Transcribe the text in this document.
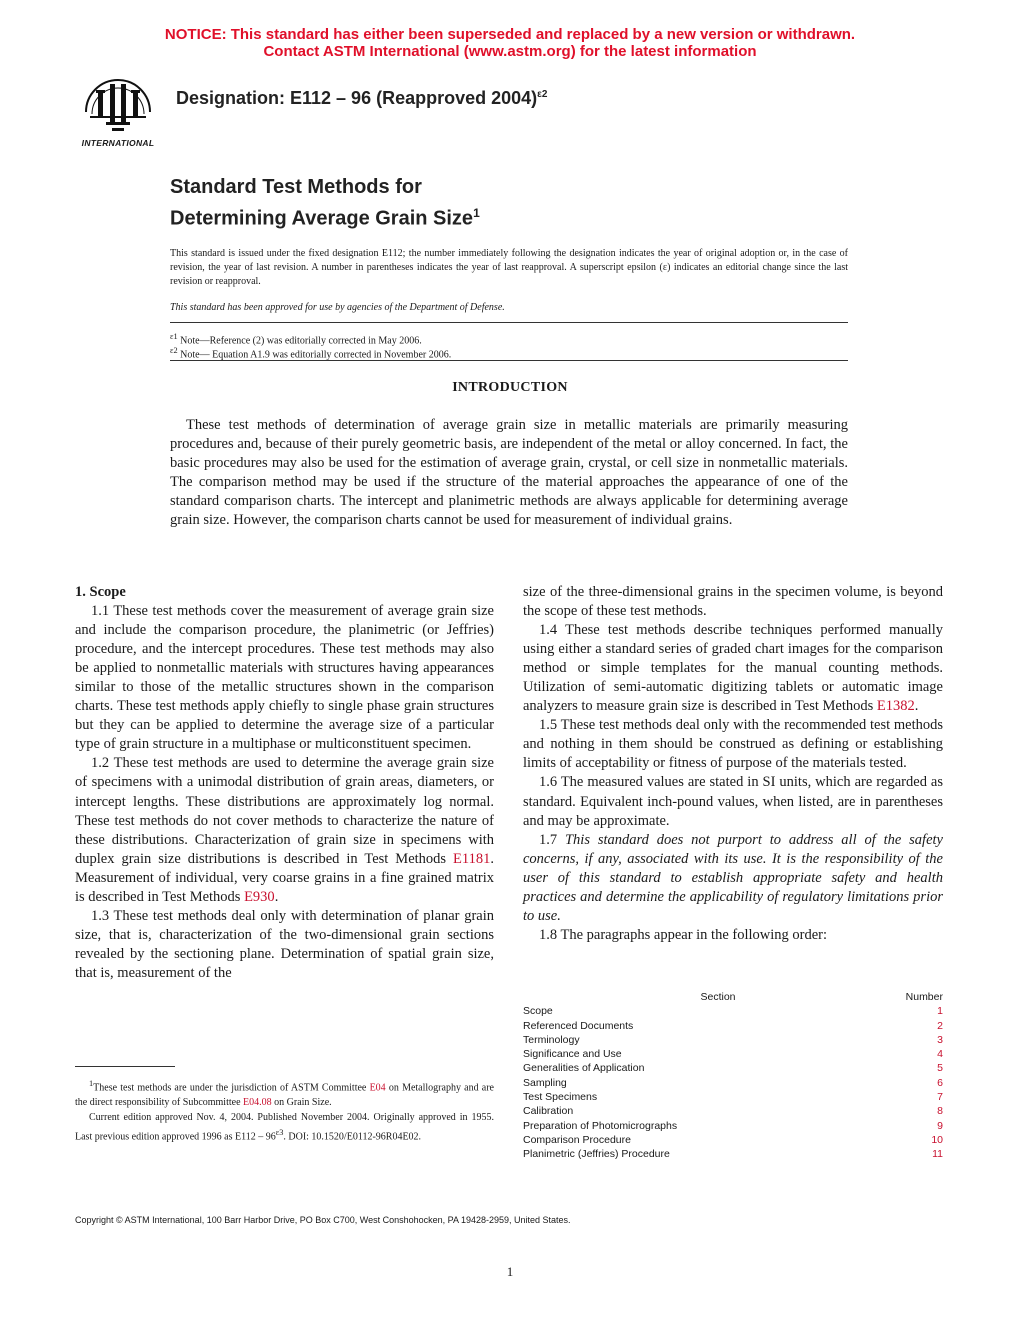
NOTICE: This standard has either been superseded and replaced by a new version or withdrawn.
Contact ASTM International (www.astm.org) for the latest information
INTERNATIONAL
Designation: E112 – 96 (Reapproved 2004)$^{\varepsilon 2}$
Standard Test Methods for
Determining Average Grain Size$^1$
This standard is issued under the fixed designation E112; the number immediately following the designation indicates the year of original adoption or, in the case of revision, the year of last revision. A number in parentheses indicates the year of last reapproval. A superscript epsilon (ε) indicates an editorial change since the last revision or reapproval.
This standard has been approved for use by agencies of the Department of Defense.
$^{\varepsilon 1}$ Note—Reference (2) was editorially corrected in May 2006.
$^{\varepsilon 2}$ Note— Equation A1.9 was editorially corrected in November 2006.
INTRODUCTION
These test methods of determination of average grain size in metallic materials are primarily measuring procedures and, because of their purely geometric basis, are independent of the metal or alloy concerned. In fact, the basic procedures may also be used for the estimation of average grain, crystal, or cell size in nonmetallic materials. The comparison method may be used if the structure of the material approaches the appearance of one of the standard comparison charts. The intercept and planimetric methods are always applicable for determining average grain size. However, the comparison charts cannot be used for measurement of individual grains.

1. Scope

1.1 These test methods cover the measurement of average grain size and include the comparison procedure, the planimetric (or Jeffries) procedure, and the intercept procedures. These test methods may also be applied to nonmetallic materials with structures having appearances similar to those of the metallic structures shown in the comparison charts. These test methods apply chiefly to single phase grain structures but they can be applied to determine the average size of a particular type of grain structure in a multiphase or multiconstituent specimen.

1.2 These test methods are used to determine the average grain size of specimens with a unimodal distribution of grain areas, diameters, or intercept lengths. These distributions are approximately log normal. These test methods do not cover methods to characterize the nature of these distributions. Characterization of grain size in specimens with duplex grain size distributions is described in Test Methods E1181. Measurement of individual, very coarse grains in a fine grained matrix is described in Test Methods E930.

1.3 These test methods deal only with determination of planar grain size, that is, characterization of the two-dimensional grain sections revealed by the sectioning plane. Determination of spatial grain size, that is, measurement of the

$^1$These test methods are under the jurisdiction of ASTM Committee E04 on Metallography and are the direct responsibility of Subcommittee E04.08 on Grain Size.

Current edition approved Nov. 4, 2004. Published November 2004. Originally approved in 1955. Last previous edition approved 1996 as $E112 - 96^{\varepsilon 3}$. DOI: 10.1520/E0112-96R04E02.

size of the three-dimensional grains in the specimen volume, is beyond the scope of these test methods.

1.4 These test methods describe techniques performed manually using either a standard series of graded chart images for the comparison method or simple templates for the manual counting methods. Utilization of semi-automatic digitizing tablets or automatic image analyzers to measure grain size is described in Test Methods E1382.

1.5 These test methods deal only with the recommended test methods and nothing in them should be construed as defining or establishing limits of acceptability or fitness of purpose of the materials tested.

1.6 The measured values are stated in SI units, which are regarded as standard. Equivalent inch-pound values, when listed, are in parentheses and may be approximate.

1.7 This standard does not purport to address all of the safety concerns, if any, associated with its use. It is the responsibility of the user of this standard to establish appropriate safety and health practices and determine the applicability of regulatory limitations prior to use.

1.8 The paragraphs appear in the following order:

Section	Number
Scope	1
Referenced Documents	2
Terminology	3
Significance and Use	4
Generalities of Application	5
Sampling	6
Test Specimens	7
Calibration	8
Preparation of Photomicrographs	9
Comparison Procedure	10
Planimetric (Jeffries) Procedure	11
Copyright © ASTM International, 100 Barr Harbor Drive, PO Box C700, West Conshohocken, PA 19428-2959, United States.
1
